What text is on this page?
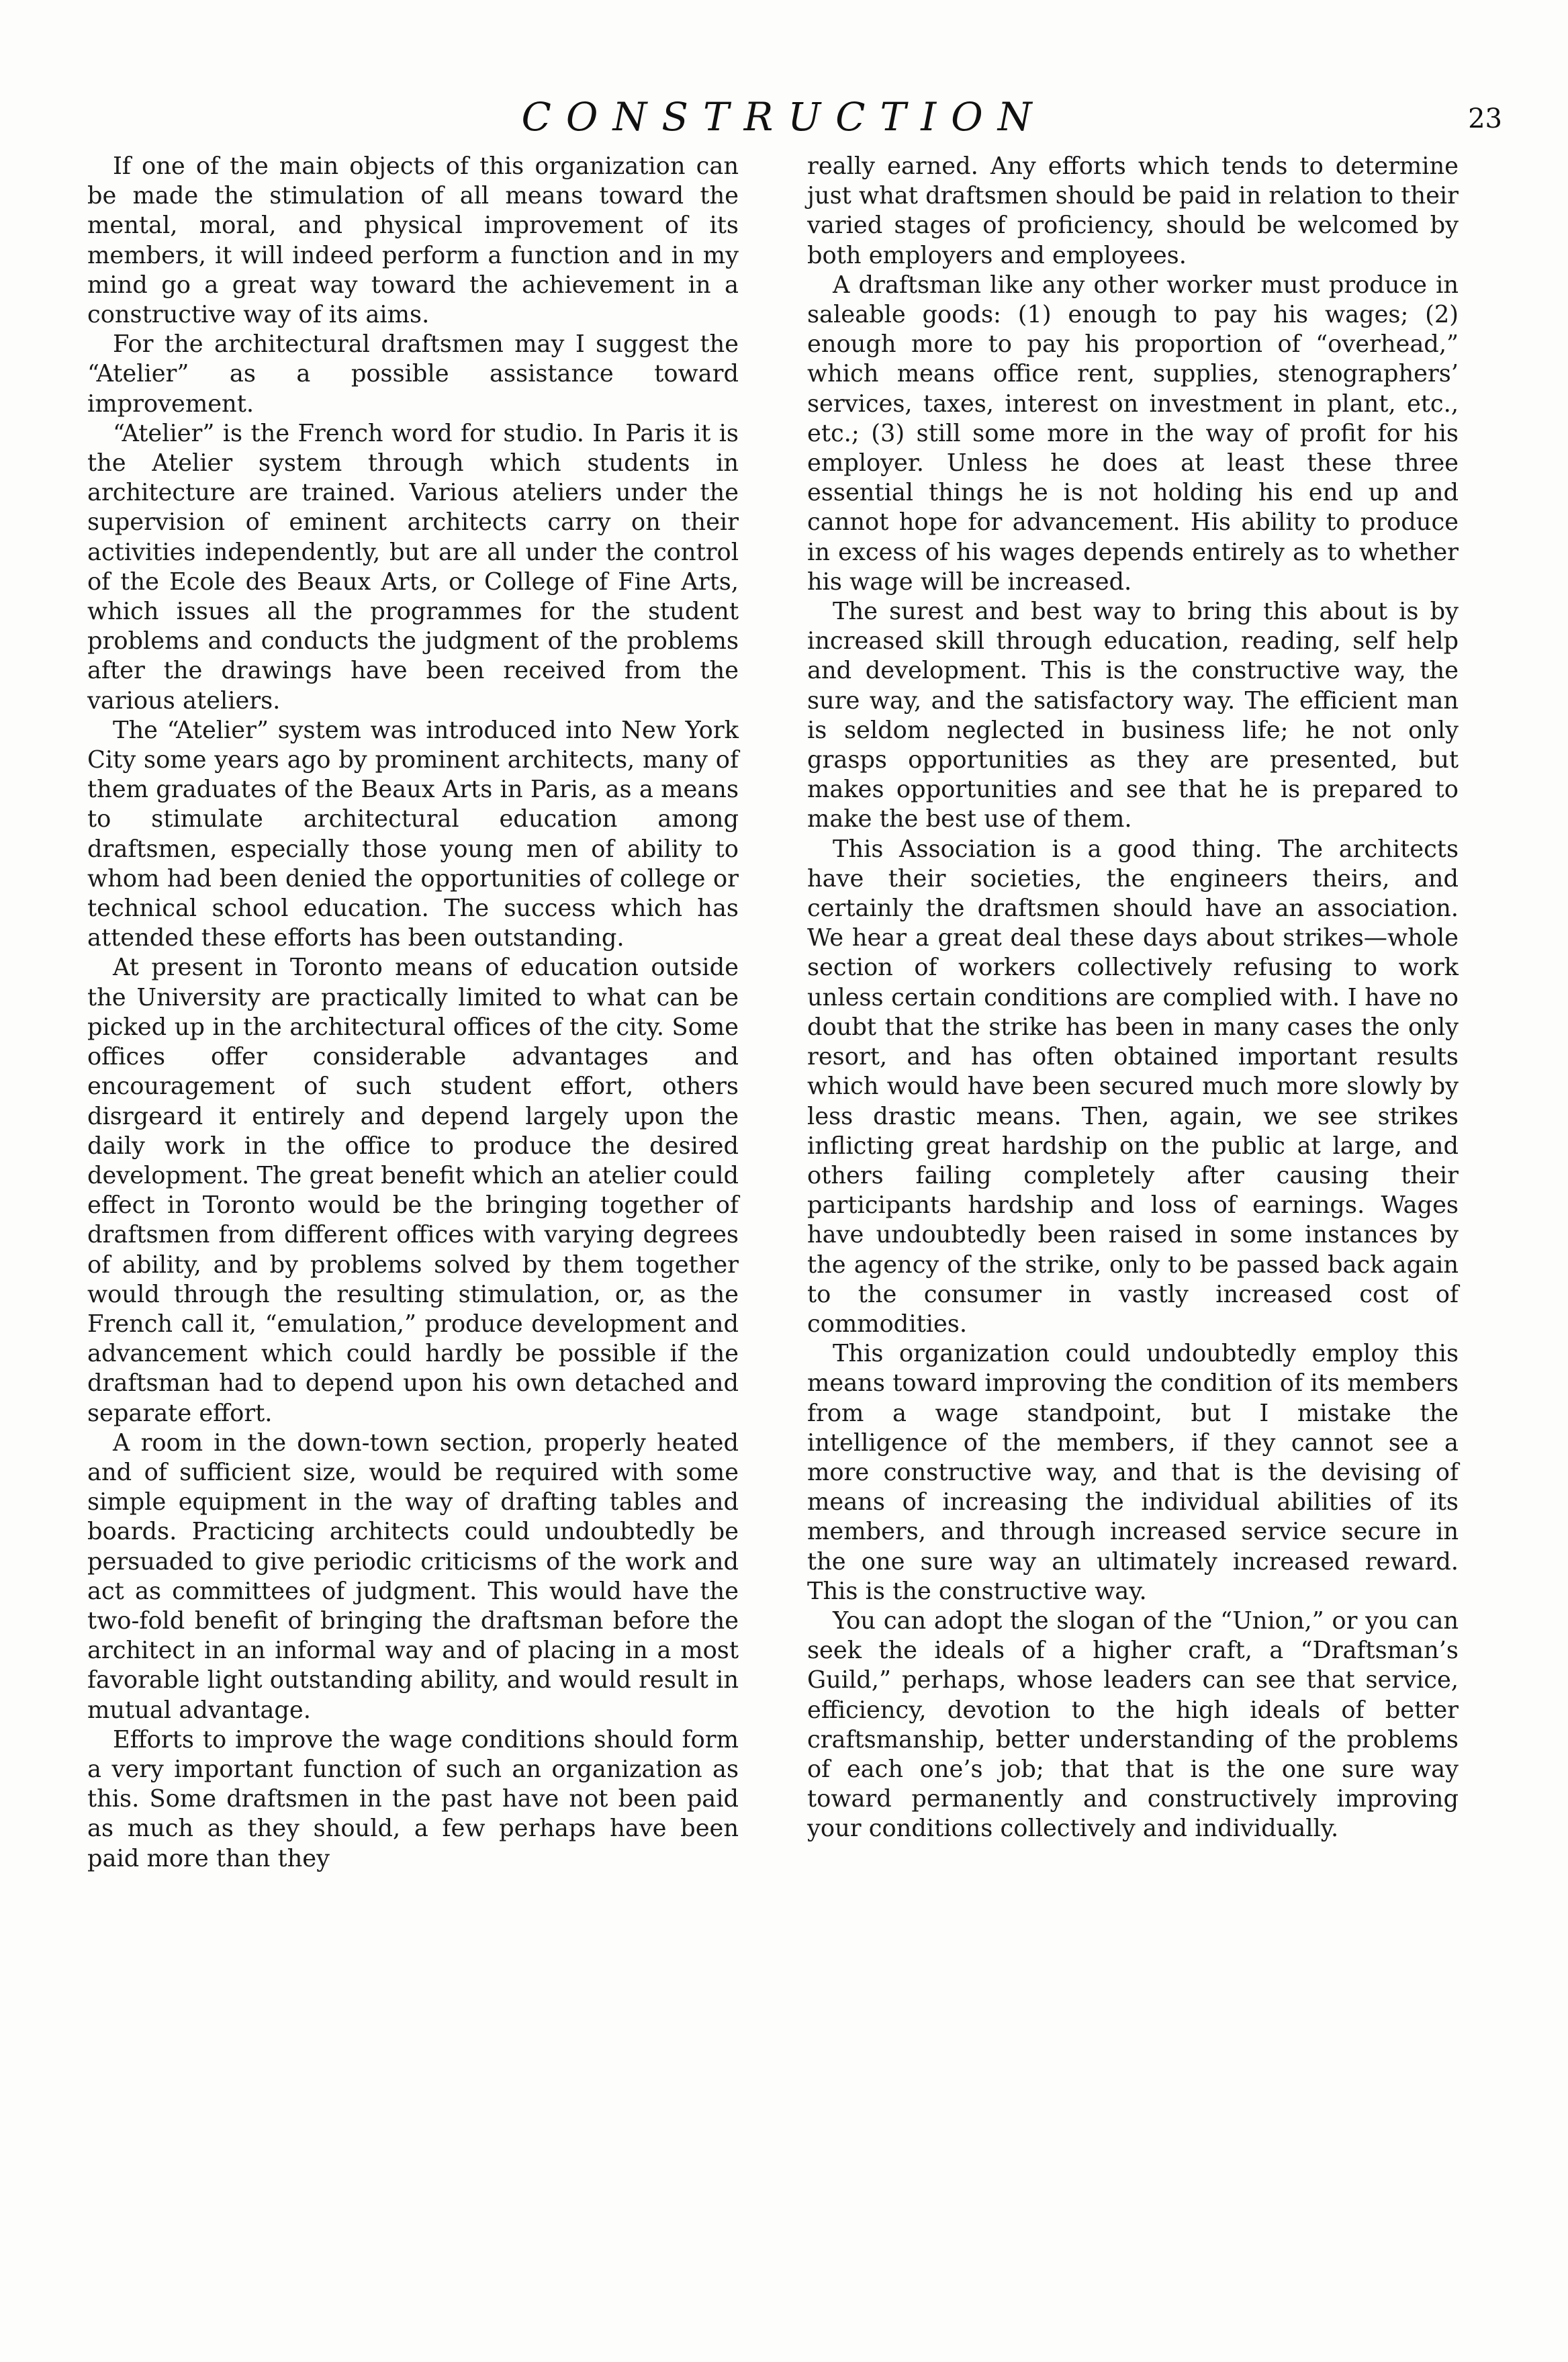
CONSTRUCTION	23

If one of the main objects of this organization can be made the stimulation of all means toward the mental, moral, and physical improvement of its members, it will indeed perform a function and in my mind go a great way toward the achievement in a constructive way of its aims.

For the architectural draftsmen may I suggest the “Atelier” as a possible assistance toward improvement.

“Atelier” is the French word for studio. In Paris it is the Atelier system through which students in architecture are trained. Various ateliers under the supervision of eminent architects carry on their activities independently, but are all under the control of the Ecole des Beaux Arts, or College of Fine Arts, which issues all the programmes for the student problems and conducts the judgment of the problems after the drawings have been received from the various ateliers.

The “Atelier” system was introduced into New York City some years ago by prominent architects, many of them graduates of the Beaux Arts in Paris, as a means to stimulate architectural education among draftsmen, especially those young men of ability to whom had been denied the opportunities of college or technical school education. The success which has attended these efforts has been outstanding.

At present in Toronto means of education outside the University are practically limited to what can be picked up in the architectural offices of the city. Some offices offer considerable advantages and encouragement of such student effort, others disrgeard it entirely and depend largely upon the daily work in the office to produce the desired development. The great benefit which an atelier could effect in Toronto would be the bringing together of draftsmen from different offices with varying degrees of ability, and by problems solved by them together would through the resulting stimulation, or, as the French call it, “emulation,” produce development and advancement which could hardly be possible if the draftsman had to depend upon his own detached and separate effort.

A room in the down-town section, properly heated and of sufficient size, would be required with some simple equipment in the way of drafting tables and boards. Practicing architects could undoubtedly be persuaded to give periodic criticisms of the work and act as committees of judgment. This would have the two-fold benefit of bringing the draftsman before the architect in an informal way and of placing in a most favorable light outstanding ability, and would result in mutual advantage.

Efforts to improve the wage conditions should form a very important function of such an organization as this. Some draftsmen in the past have not been paid as much as they should, a few perhaps have been paid more than they

really earned. Any efforts which tends to determine just what draftsmen should be paid in relation to their varied stages of proficiency, should be welcomed by both employers and employees.

A draftsman like any other worker must produce in saleable goods: (1) enough to pay his wages; (2) enough more to pay his proportion of “overhead,” which means office rent, supplies, stenographers’ services, taxes, interest on investment in plant, etc., etc.; (3) still some more in the way of profit for his employer. Unless he does at least these three essential things he is not holding his end up and cannot hope for advancement. His ability to produce in excess of his wages depends entirely as to whether his wage will be increased.

The surest and best way to bring this about is by increased skill through education, reading, self help and development. This is the constructive way, the sure way, and the satisfactory way. The efficient man is seldom neglected in business life; he not only grasps opportunities as they are presented, but makes opportunities and see that he is prepared to make the best use of them.

This Association is a good thing. The architects have their societies, the engineers theirs, and certainly the draftsmen should have an association. We hear a great deal these days about strikes—whole section of workers collectively refusing to work unless certain conditions are complied with. I have no doubt that the strike has been in many cases the only resort, and has often obtained important results which would have been secured much more slowly by less drastic means. Then, again, we see strikes inflicting great hardship on the public at large, and others failing completely after causing their participants hardship and loss of earnings. Wages have undoubtedly been raised in some instances by the agency of the strike, only to be passed back again to the consumer in vastly increased cost of commodities.

This organization could undoubtedly employ this means toward improving the condition of its members from a wage standpoint, but I mistake the intelligence of the members, if they cannot see a more constructive way, and that is the devising of means of increasing the individual abilities of its members, and through increased service secure in the one sure way an ultimately increased reward. This is the constructive way.

You can adopt the slogan of the “Union,” or you can seek the ideals of a higher craft, a “Draftsman’s Guild,” perhaps, whose leaders can see that service, efficiency, devotion to the high ideals of better craftsmanship, better understanding of the problems of each one’s job; that that is the one sure way toward permanently and constructively improving your conditions collectively and individually.
